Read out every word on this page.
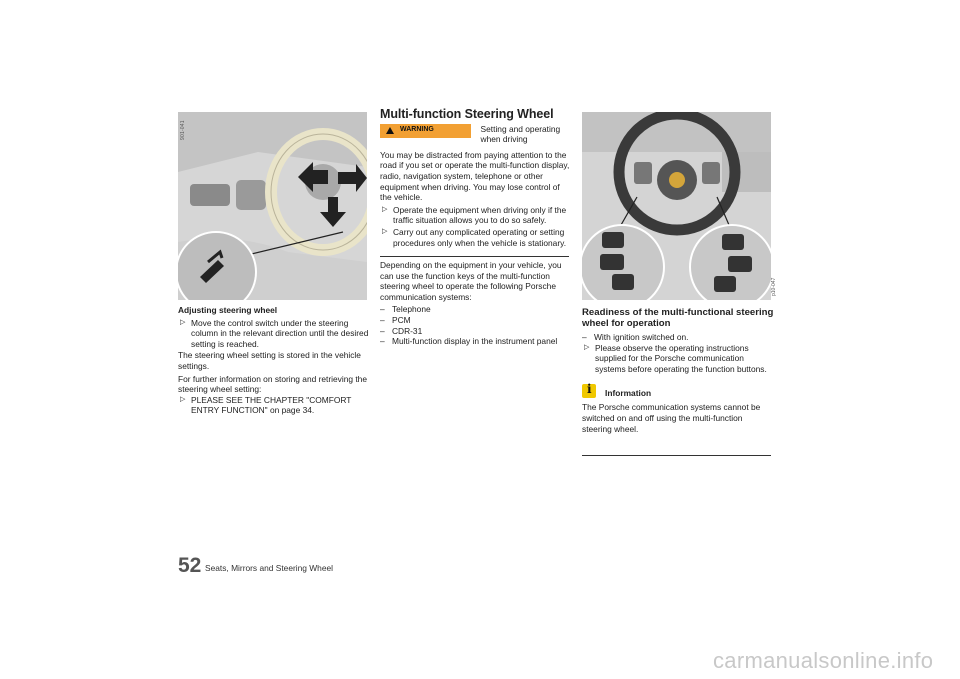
901-041

Adjusting steering wheel

▷ Move the control switch under the steering column in the relevant direction until the desired setting is reached.

The steering wheel setting is stored in the vehicle settings.

For further information on storing and retrieving the steering wheel setting:

▷ PLEASE SEE THE CHAPTER "COMFORT ENTRY FUNCTION" on page 34.
Multi-function Steering Wheel
WARNING	Setting and operating when driving

You may be distracted from paying attention to the road if you set or operate the multi-function display, radio, navigation system, telephone or other equipment when driving. You may lose control of the vehicle.

▷ Operate the equipment when driving only if the traffic situation allows you to do so safely.
▷ Carry out any complicated operating or setting procedures only when the vehicle is stationary.

Depending on the equipment in your vehicle, you can use the function keys of the multi-function steering wheel to operate the following Porsche communication systems:

– Telephone
– PCM
– CDR-31
– Multi-function display in the instrument panel
p10-047
Readiness of the multi-functional steering wheel for operation
– With ignition switched on.
▷ Please observe the operating instructions supplied for the Porsche communication systems before operating the function buttons.
i Information

The Porsche communication systems cannot be switched on and off using the multi-function steering wheel.

52 Seats, Mirrors and Steering Wheel
carmanualsonline.info
